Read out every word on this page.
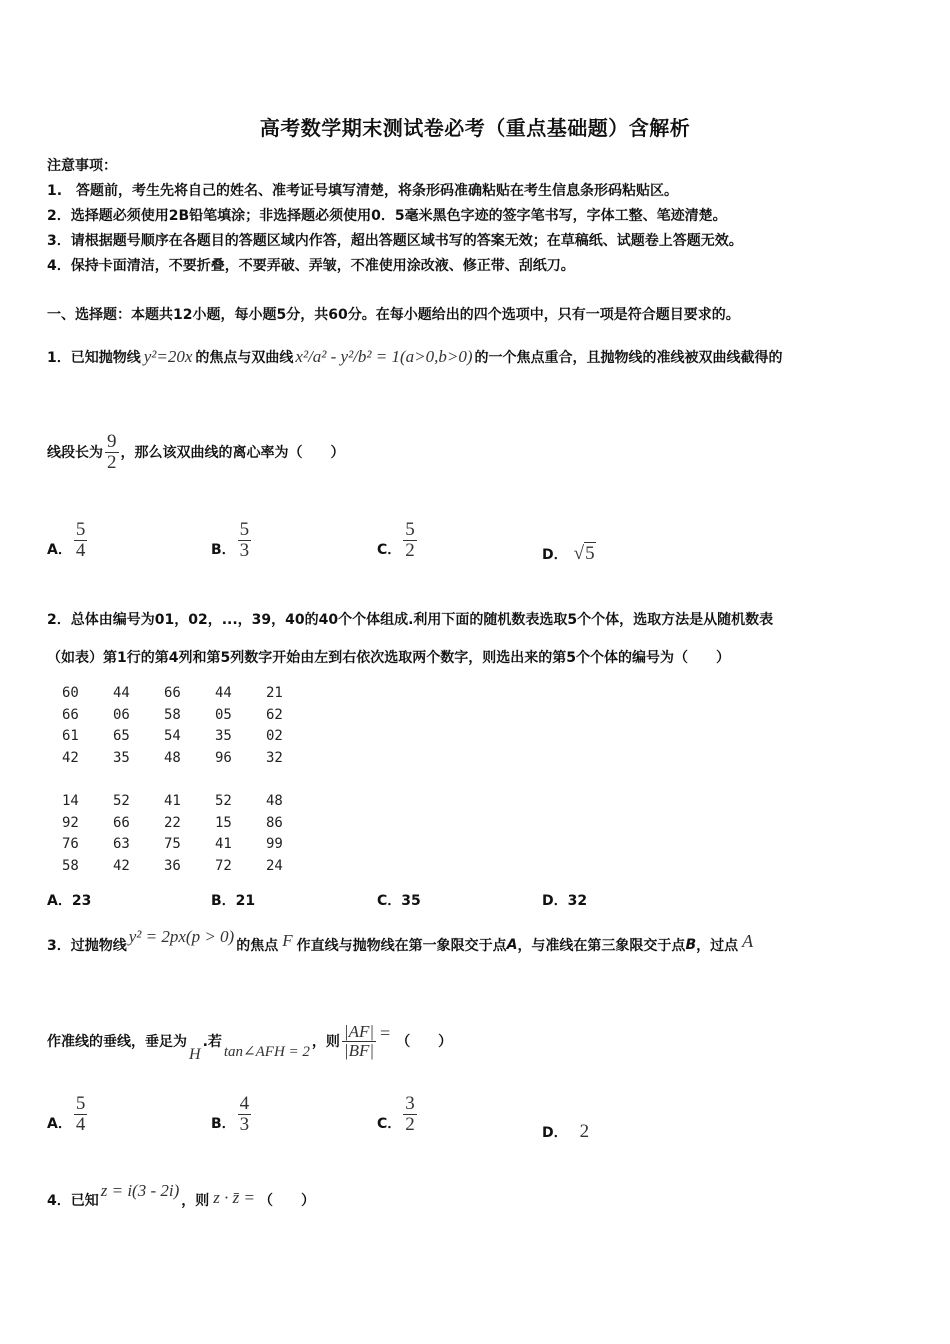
高考数学期末测试卷必考（重点基础题）含解析
注意事项：
1.　答题前，考生先将自己的姓名、准考证号填写清楚，将条形码准确粘贴在考生信息条形码粘贴区。
2．选择题必须使用2B铅笔填涂；非选择题必须使用0．5毫米黑色字迹的签字笔书写，字体工整、笔迹清楚。
3．请根据题号顺序在各题目的答题区域内作答，超出答题区域书写的答案无效；在草稿纸、试题卷上答题无效。
4．保持卡面清洁，不要折叠，不要弄破、弄皱，不准使用涂改液、修正带、刮纸刀。
一、选择题：本题共12小题，每小题5分，共60分。在每小题给出的四个选项中，只有一项是符合题目要求的。
1．已知抛物线 y²=20x 的焦点与双曲线 x²/a² - y²/b² = 1(a>0,b>0) 的一个焦点重合，且抛物线的准线被双曲线截得的
线段长为 $\frac{9}{2}$ ，那么该双曲线的离心率为（　　）
A． $\frac{5}{4}$	B． $\frac{5}{3}$	C． $\frac{5}{2}$	D． √5
2．总体由编号为01，02，...，39，40的40个个体组成.利用下面的随机数表选取5个个体，选取方法是从随机数表
（如表）第1行的第4列和第5列数字开始由左到右依次选取两个数字，则选出来的第5个个体的编号为（　　）
60	44	66	44	21
66	06	58	05	62
61	65	54	35	02
42	35	48	96	32
14	52	41	52	48
92	66	22	15	86
76	63	75	41	99
58	42	36	72	24
A．23	B．21	C．35	D．32
3．过抛物线 y² = 2px(p > 0) 的焦点 F 作直线与抛物线在第一象限交于点 A ，与准线在第三象限交于点 B ，过点 A
作准线的垂线，垂足为
H
.若
tan∠AFH = 2
，则 $\frac{|AF|}{|BF|}$ = （　　）
A． $\frac{5}{4}$	B． $\frac{4}{3}$	C． $\frac{3}{2}$	D． 2
4．已知
z = i(3 - 2i)
，则 z · z̄ = （　　）
